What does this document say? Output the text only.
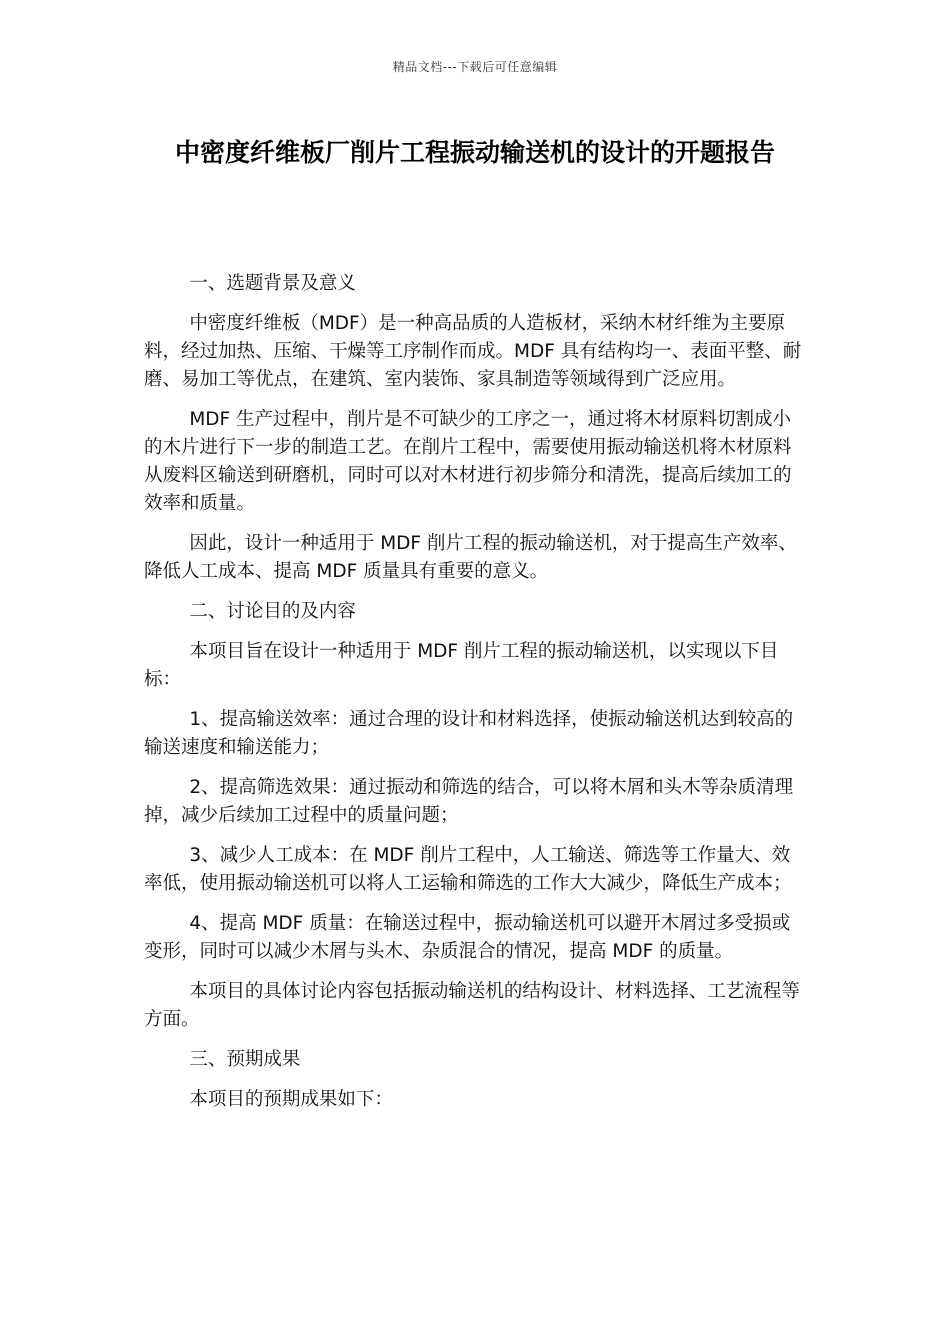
精品文档---下载后可任意编辑
中密度纤维板厂削片工程振动输送机的设计的开题报告

一、选题背景及意义

中密度纤维板（MDF）是一种高品质的人造板材，采纳木材纤维为主要原料，经过加热、压缩、干燥等工序制作而成。MDF 具有结构均一、表面平整、耐磨、易加工等优点，在建筑、室内装饰、家具制造等领域得到广泛应用。

MDF 生产过程中，削片是不可缺少的工序之一，通过将木材原料切割成小的木片进行下一步的制造工艺。在削片工程中，需要使用振动输送机将木材原料从废料区输送到研磨机，同时可以对木材进行初步筛分和清洗，提高后续加工的效率和质量。

因此，设计一种适用于 MDF 削片工程的振动输送机，对于提高生产效率、降低人工成本、提高 MDF 质量具有重要的意义。

二、讨论目的及内容

本项目旨在设计一种适用于 MDF 削片工程的振动输送机，以实现以下目标：

1、提高输送效率：通过合理的设计和材料选择，使振动输送机达到较高的输送速度和输送能力；

2、提高筛选效果：通过振动和筛选的结合，可以将木屑和头木等杂质清理掉，减少后续加工过程中的质量问题；

3、减少人工成本：在 MDF 削片工程中，人工输送、筛选等工作量大、效率低，使用振动输送机可以将人工运输和筛选的工作大大减少，降低生产成本；

4、提高 MDF 质量：在输送过程中，振动输送机可以避开木屑过多受损或变形，同时可以减少木屑与头木、杂质混合的情况，提高 MDF 的质量。

本项目的具体讨论内容包括振动输送机的结构设计、材料选择、工艺流程等方面。

三、预期成果

本项目的预期成果如下：
